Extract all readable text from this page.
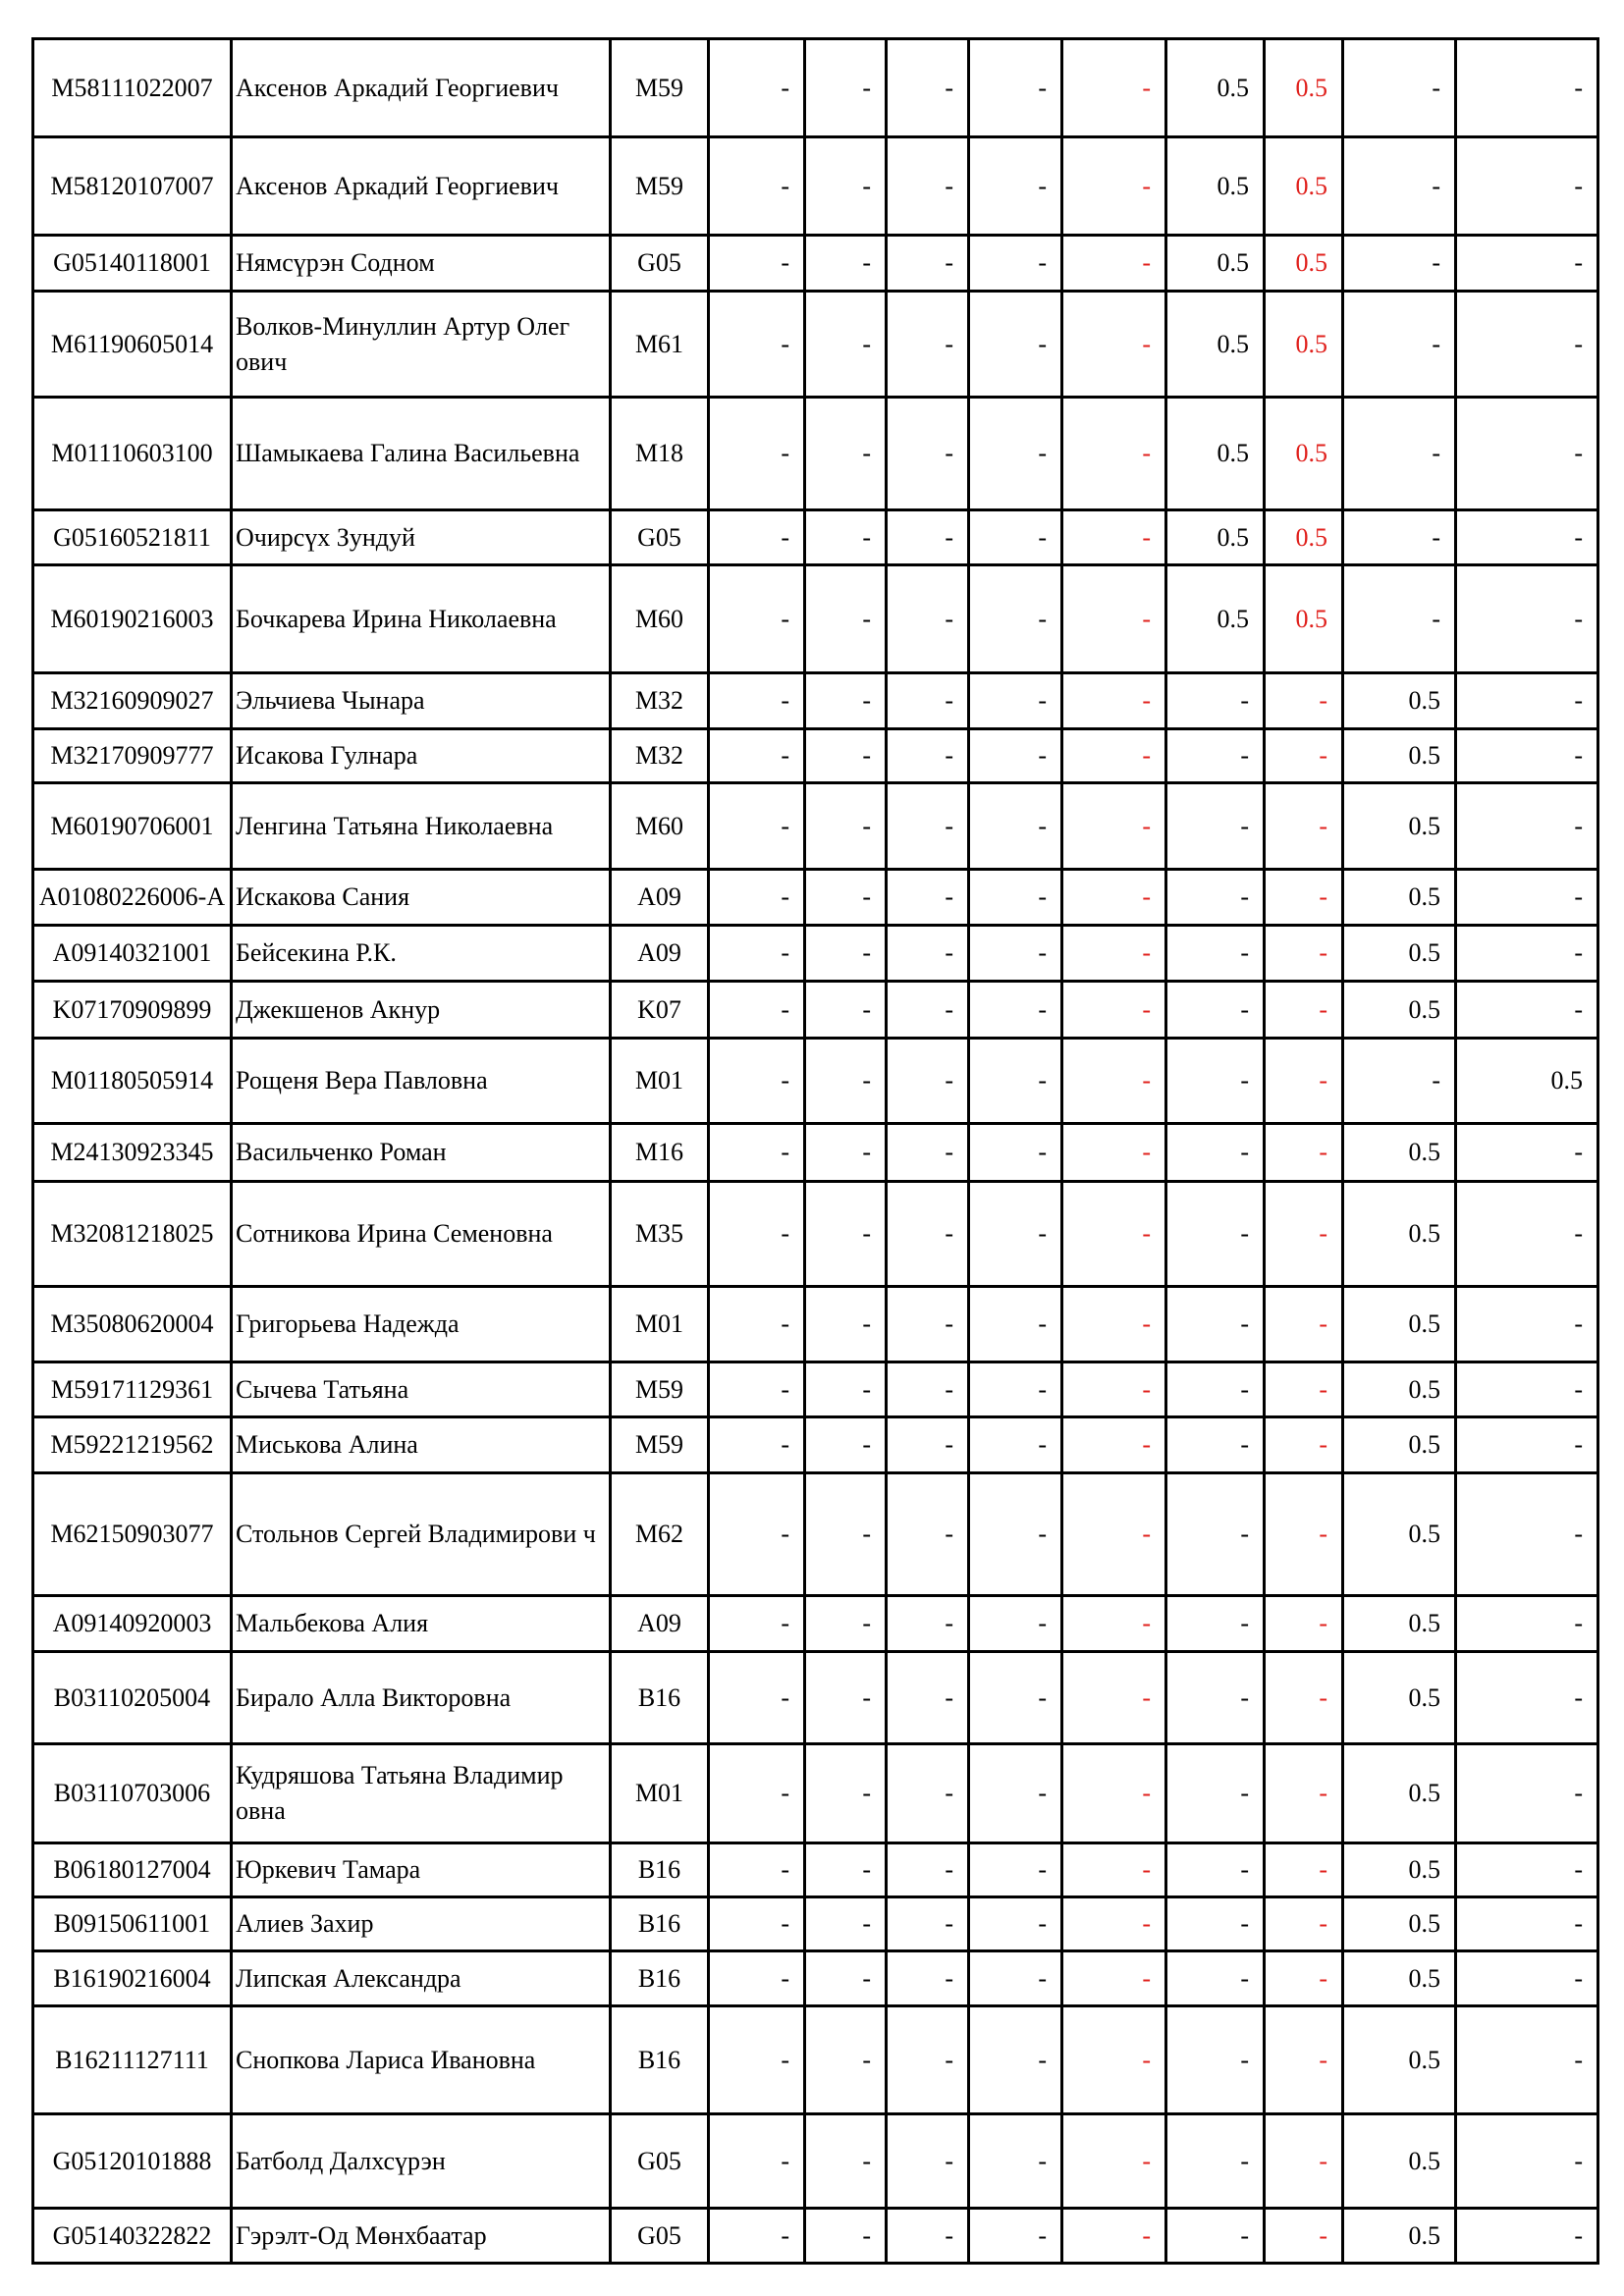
M58111022007	Аксенов Аркадий Георгиевич	M59	-	-	-	-	-	0.5	0.5	-	-
M58120107007	Аксенов Аркадий Георгиевич	M59	-	-	-	-	-	0.5	0.5	-	-
G05140118001	Нямсүрэн Содном	G05	-	-	-	-	-	0.5	0.5	-	-
M61190605014	Волков-Минуллин Артур Олег ович	M61	-	-	-	-	-	0.5	0.5	-	-
M01110603100	Шамыкаева Галина Васильевна	M18	-	-	-	-	-	0.5	0.5	-	-
G05160521811	Очирсүх Зундуй	G05	-	-	-	-	-	0.5	0.5	-	-
M60190216003	Бочкарева Ирина Николаевна	M60	-	-	-	-	-	0.5	0.5	-	-
M32160909027	Эльчиева Чынара	M32	-	-	-	-	-	-	-	0.5	-
M32170909777	Исакова Гулнара	M32	-	-	-	-	-	-	-	0.5	-
M60190706001	Ленгина Татьяна Николаевна	M60	-	-	-	-	-	-	-	0.5	-
A01080226006-A	Искакова Сания	A09	-	-	-	-	-	-	-	0.5	-
A09140321001	Бейсекина Р.К.	A09	-	-	-	-	-	-	-	0.5	-
K07170909899	Джекшенов Акнур	K07	-	-	-	-	-	-	-	0.5	-
M01180505914	Рощеня Вера Павловна	M01	-	-	-	-	-	-	-	-	0.5
M24130923345	Васильченко Роман	M16	-	-	-	-	-	-	-	0.5	-
M32081218025	Сотникова Ирина Семеновна	M35	-	-	-	-	-	-	-	0.5	-
M35080620004	Григорьева Надежда	M01	-	-	-	-	-	-	-	0.5	-
M59171129361	Сычева Татьяна	M59	-	-	-	-	-	-	-	0.5	-
M59221219562	Миськова Алина	M59	-	-	-	-	-	-	-	0.5	-
M62150903077	Стольнов Сергей Владимирови ч	M62	-	-	-	-	-	-	-	0.5	-
A09140920003	Мальбекова Алия	A09	-	-	-	-	-	-	-	0.5	-
B03110205004	Бирало Алла Викторовна	B16	-	-	-	-	-	-	-	0.5	-
B03110703006	Кудряшова Татьяна Владимир овна	M01	-	-	-	-	-	-	-	0.5	-
B06180127004	Юркевич Тамара	B16	-	-	-	-	-	-	-	0.5	-
B09150611001	Алиев Захир	B16	-	-	-	-	-	-	-	0.5	-
B16190216004	Липская Александра	B16	-	-	-	-	-	-	-	0.5	-
B16211127111	Снопкова Лариса Ивановна	B16	-	-	-	-	-	-	-	0.5	-
G05120101888	Батболд Далхсүрэн	G05	-	-	-	-	-	-	-	0.5	-
G05140322822	Гэрэлт-Од Мөнхбаатар	G05	-	-	-	-	-	-	-	0.5	-
